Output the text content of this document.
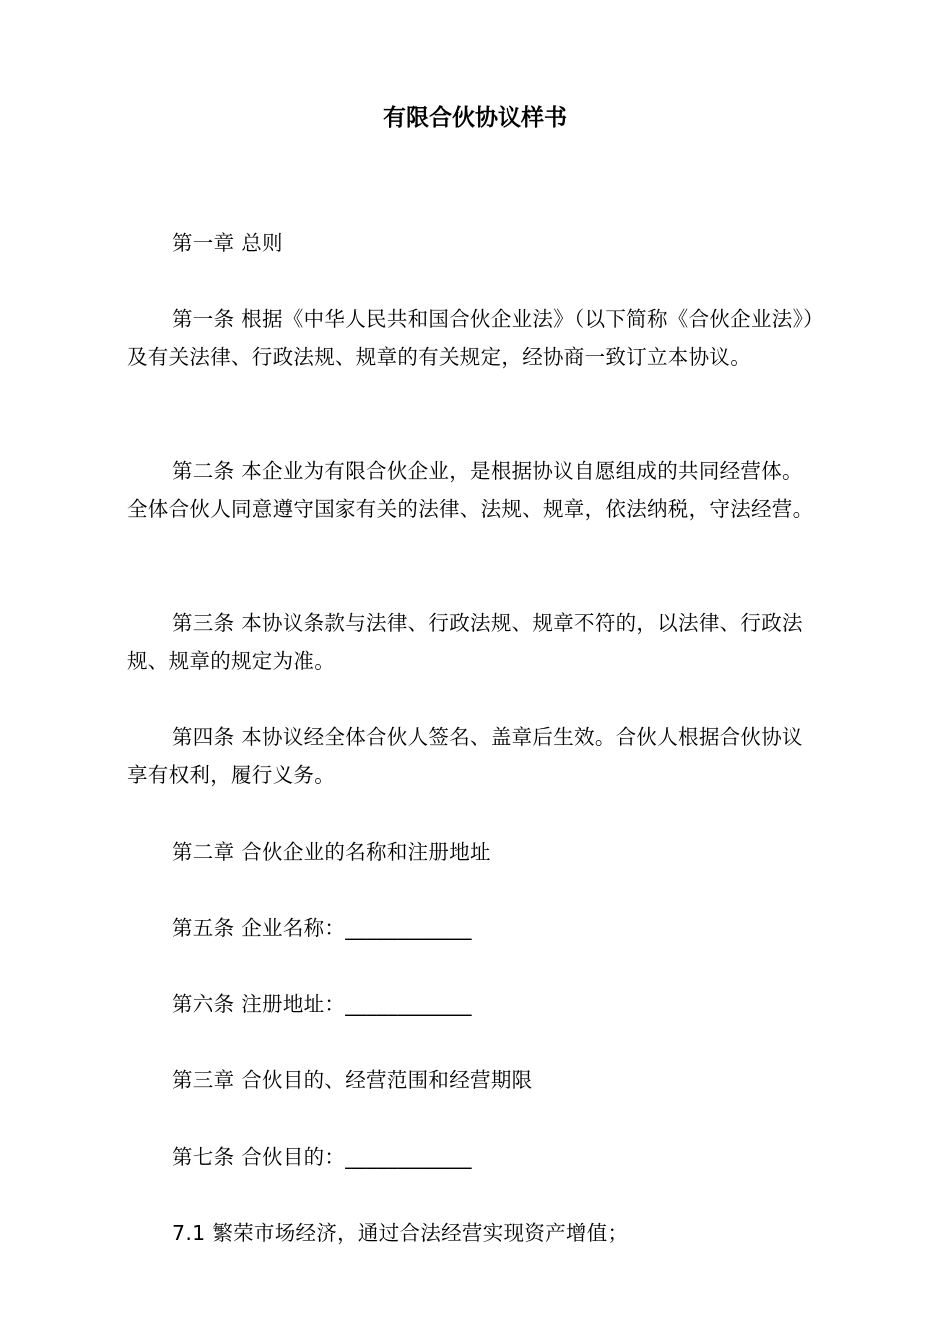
有限合伙协议样书

第一章 总则

第一条 根据《中华人民共和国合伙企业法》（以下简称《合伙企业法》）及有关法律、行政法规、规章的有关规定，经协商一致订立本协议。

第二条 本企业为有限合伙企业，是根据协议自愿组成的共同经营体。全体合伙人同意遵守国家有关的法律、法规、规章，依法纳税，守法经营。

第三条 本协议条款与法律、行政法规、规章不符的，以法律、行政法规、规章的规定为准。

第四条 本协议经全体合伙人签名、盖章后生效。合伙人根据合伙协议享有权利，履行义务。

第二章 合伙企业的名称和注册地址

第五条 企业名称：____________

第六条 注册地址：____________

第三章 合伙目的、经营范围和经营期限

第七条 合伙目的：____________

7.1 繁荣市场经济，通过合法经营实现资产增值；
